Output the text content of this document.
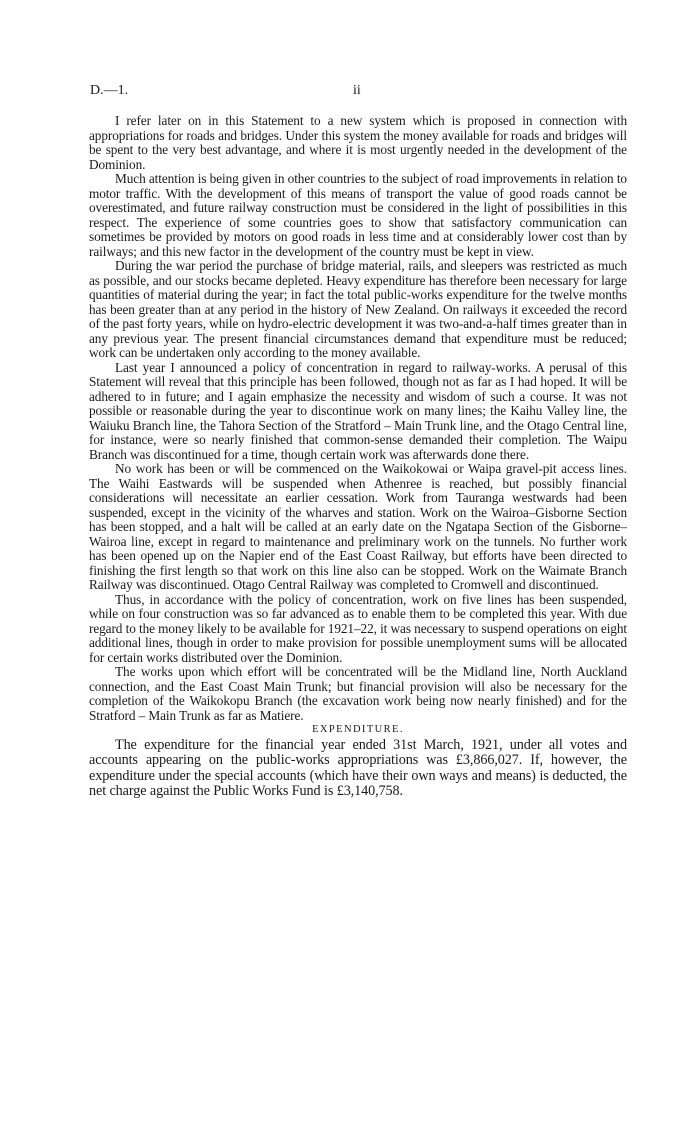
D.—1.	ii

I refer later on in this Statement to a new system which is proposed in connection with appropriations for roads and bridges. Under this system the money available for roads and bridges will be spent to the very best advantage, and where it is most urgently needed in the development of the Dominion.

Much attention is being given in other countries to the subject of road improvements in relation to motor traffic. With the development of this means of transport the value of good roads cannot be overestimated, and future railway construction must be considered in the light of possibilities in this respect. The experience of some countries goes to show that satisfactory communication can sometimes be provided by motors on good roads in less time and at considerably lower cost than by railways; and this new factor in the development of the country must be kept in view.

During the war period the purchase of bridge material, rails, and sleepers was restricted as much as possible, and our stocks became depleted. Heavy expenditure has therefore been necessary for large quantities of material during the year; in fact the total public-works expenditure for the twelve months has been greater than at any period in the history of New Zealand. On railways it exceeded the record of the past forty years, while on hydro-electric development it was two-and-a-half times greater than in any previous year. The present financial circumstances demand that expenditure must be reduced; work can be undertaken only according to the money available.

Last year I announced a policy of concentration in regard to railway-works. A perusal of this Statement will reveal that this principle has been followed, though not as far as I had hoped. It will be adhered to in future; and I again emphasize the necessity and wisdom of such a course. It was not possible or reasonable during the year to discontinue work on many lines; the Kaihu Valley line, the Waiuku Branch line, the Tahora Section of the Stratford – Main Trunk line, and the Otago Central line, for instance, were so nearly finished that common-sense demanded their completion. The Waipu Branch was discontinued for a time, though certain work was afterwards done there.

No work has been or will be commenced on the Waikokowai or Waipa gravel-pit access lines. The Waihi Eastwards will be suspended when Athenree is reached, but possibly financial considerations will necessitate an earlier cessation. Work from Tauranga westwards had been suspended, except in the vicinity of the wharves and station. Work on the Wairoa–Gisborne Section has been stopped, and a halt will be called at an early date on the Ngatapa Section of the Gisborne–Wairoa line, except in regard to maintenance and preliminary work on the tunnels. No further work has been opened up on the Napier end of the East Coast Railway, but efforts have been directed to finishing the first length so that work on this line also can be stopped. Work on the Waimate Branch Railway was discontinued. Otago Central Railway was completed to Cromwell and discontinued.

Thus, in accordance with the policy of concentration, work on five lines has been suspended, while on four construction was so far advanced as to enable them to be completed this year. With due regard to the money likely to be available for 1921–22, it was necessary to suspend operations on eight additional lines, though in order to make provision for possible unemployment sums will be allocated for certain works distributed over the Dominion.

The works upon which effort will be concentrated will be the Midland line, North Auckland connection, and the East Coast Main Trunk; but financial provision will also be necessary for the completion of the Waikokopu Branch (the excavation work being now nearly finished) and for the Stratford – Main Trunk as far as Matiere.

EXPENDITURE.

The expenditure for the financial year ended 31st March, 1921, under all votes and accounts appearing on the public-works appropriations was £3,866,027. If, however, the expenditure under the special accounts (which have their own ways and means) is deducted, the net charge against the Public Works Fund is £3,140,758.
